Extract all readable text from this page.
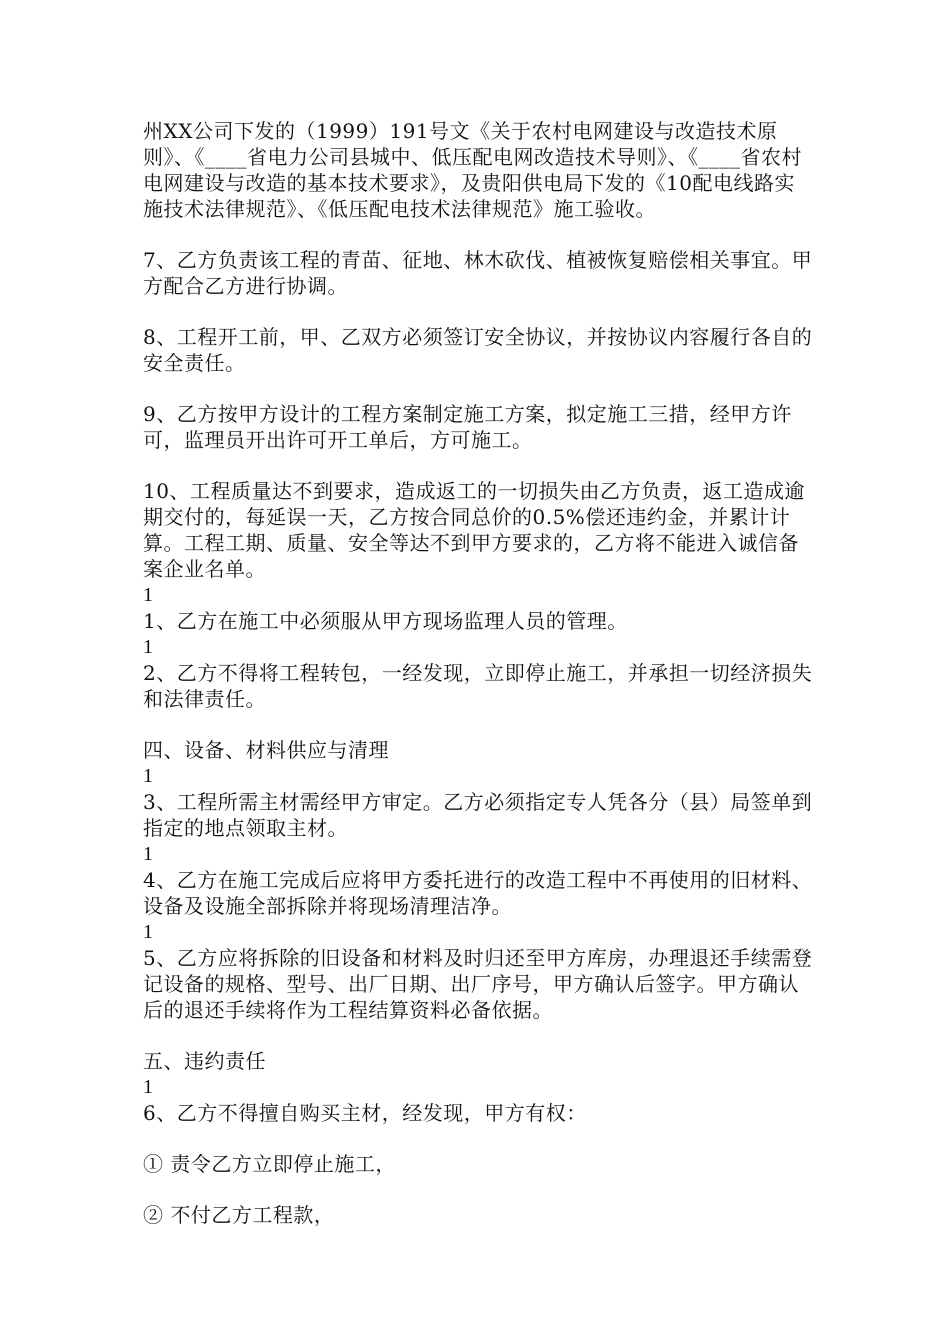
州XX公司下发的（1999）191号文《关于农村电网建设与改造技术原则》、《____省电力公司县城中、低压配电网改造技术导则》、《____省农村电网建设与改造的基本技术要求》，及贵阳供电局下发的《10配电线路实施技术法律规范》、《低压配电技术法律规范》施工验收。

7、乙方负责该工程的青苗、征地、林木砍伐、植被恢复赔偿相关事宜。甲方配合乙方进行协调。

8、工程开工前，甲、乙双方必须签订安全协议，并按协议内容履行各自的安全责任。

9、乙方按甲方设计的工程方案制定施工方案，拟定施工三措，经甲方许可，监理员开出许可开工单后，方可施工。

10、工程质量达不到要求，造成返工的一切损失由乙方负责，返工造成逾期交付的，每延误一天，乙方按合同总价的0.5%偿还违约金，并累计计算。工程工期、质量、安全等达不到甲方要求的，乙方将不能进入诚信备案企业名单。

1

1、乙方在施工中必须服从甲方现场监理人员的管理。

1

2、乙方不得将工程转包，一经发现，立即停止施工，并承担一切经济损失和法律责任。

四、设备、材料供应与清理

1

3、工程所需主材需经甲方审定。乙方必须指定专人凭各分（县）局签单到指定的地点领取主材。

1

4、乙方在施工完成后应将甲方委托进行的改造工程中不再使用的旧材料、设备及设施全部拆除并将现场清理洁净。

1

5、乙方应将拆除的旧设备和材料及时归还至甲方库房，办理退还手续需登记设备的规格、型号、出厂日期、出厂序号，甲方确认后签字。甲方确认后的退还手续将作为工程结算资料必备依据。

五、违约责任

1

6、乙方不得擅自购买主材，经发现，甲方有权：

① 责令乙方立即停止施工，

② 不付乙方工程款，
